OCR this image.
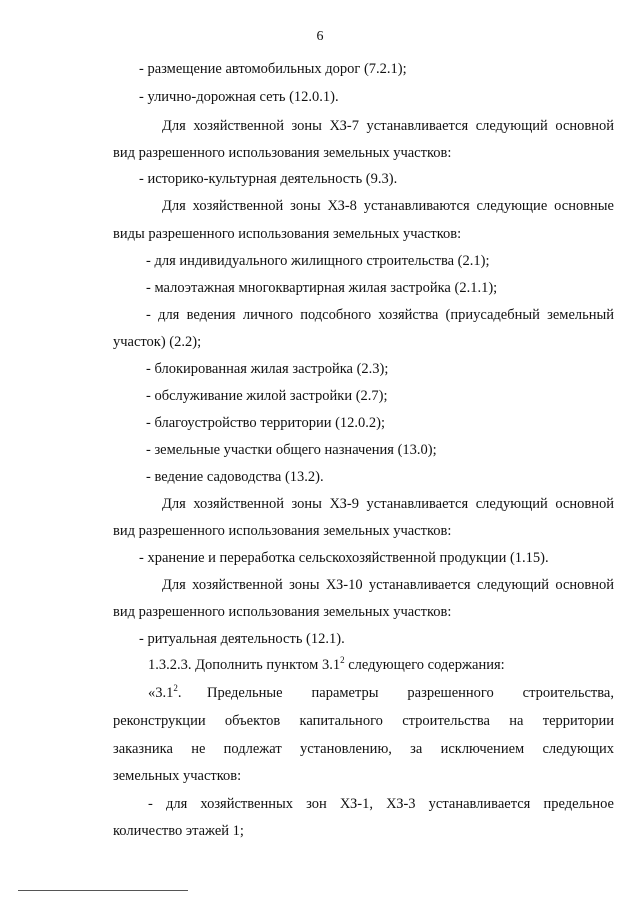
6
- размещение автомобильных дорог (7.2.1);
- улично-дорожная сеть (12.0.1).
Для хозяйственной зоны ХЗ-7 устанавливается следующий основной
вид разрешенного использования земельных участков:
- историко-культурная деятельность (9.3).
Для хозяйственной зоны ХЗ-8 устанавливаются следующие основные
виды разрешенного использования земельных участков:
- для индивидуального жилищного строительства (2.1);
- малоэтажная многоквартирная жилая застройка (2.1.1);
- для ведения личного подсобного хозяйства (приусадебный земельный
участок) (2.2);
- блокированная жилая застройка (2.3);
- обслуживание жилой застройки (2.7);
- благоустройство территории (12.0.2);
- земельные участки общего назначения (13.0);
- ведение садоводства (13.2).
Для хозяйственной зоны ХЗ-9 устанавливается следующий основной
вид разрешенного использования земельных участков:
- хранение и переработка сельскохозяйственной продукции (1.15).
Для хозяйственной зоны ХЗ-10 устанавливается следующий основной
вид разрешенного использования земельных участков:
- ритуальная деятельность (12.1).
1.3.2.3. Дополнить пунктом $3.1^2$ следующего содержания:
«$3.1^2$. Предельные параметры разрешенного строительства,
реконструкции объектов капитального строительства на территории
заказника не подлежат установлению, за исключением следующих
земельных участков:
- для хозяйственных зон ХЗ-1, ХЗ-3 устанавливается предельное
количество этажей 1;
